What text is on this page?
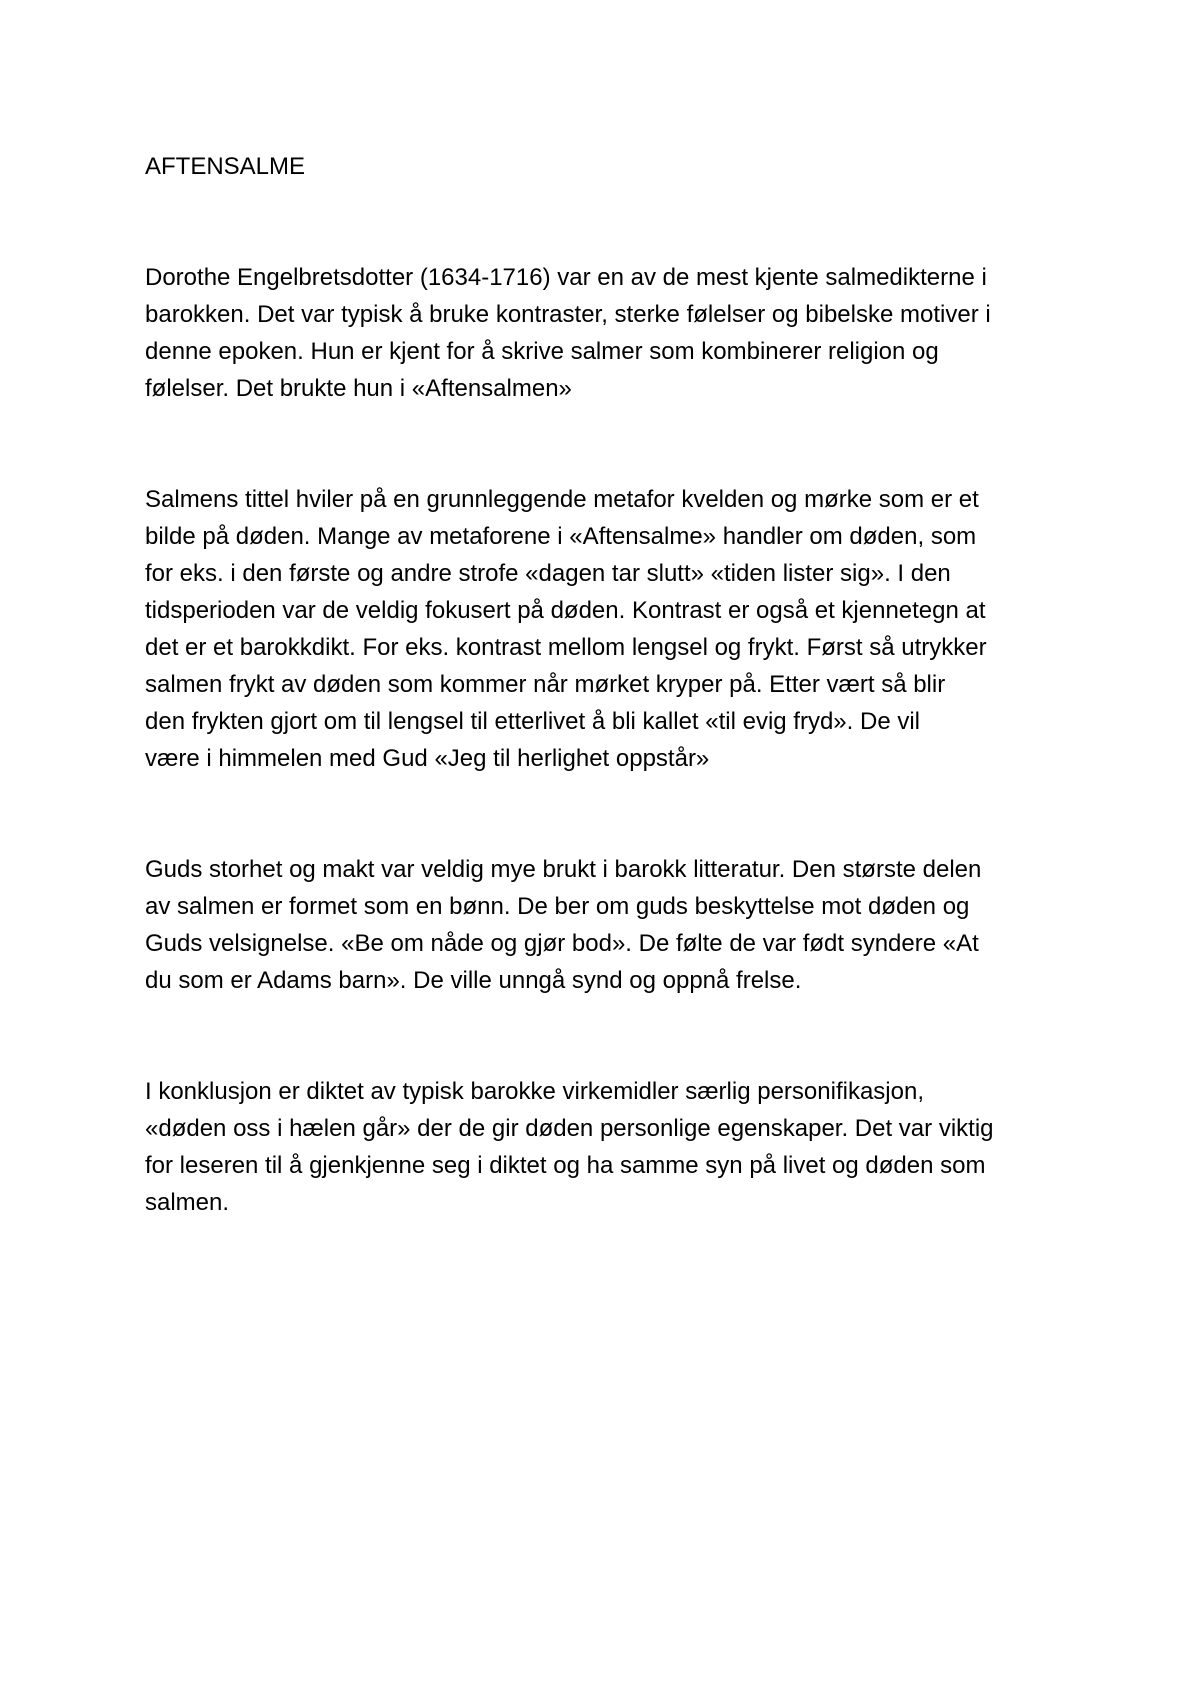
AFTENSALME

Dorothe Engelbretsdotter (1634-1716) var en av de mest kjente salmedikterne i
barokken. Det var typisk å bruke kontraster, sterke følelser og bibelske motiver i
denne epoken. Hun er kjent for å skrive salmer som kombinerer religion og
følelser. Det brukte hun i «Aftensalmen»

Salmens tittel hviler på en grunnleggende metafor kvelden og mørke som er et
bilde på døden. Mange av metaforene i «Aftensalme» handler om døden, som
for eks. i den første og andre strofe «dagen tar slutt» «tiden lister sig». I den
tidsperioden var de veldig fokusert på døden. Kontrast er også et kjennetegn at
det er et barokkdikt. For eks. kontrast mellom lengsel og frykt. Først så utrykker
salmen frykt av døden som kommer når mørket kryper på. Etter vært så blir
den frykten gjort om til lengsel til etterlivet å bli kallet «til evig fryd». De vil
være i himmelen med Gud «Jeg til herlighet oppstår»

Guds storhet og makt var veldig mye brukt i barokk litteratur. Den største delen
av salmen er formet som en bønn. De ber om guds beskyttelse mot døden og
Guds velsignelse. «Be om nåde og gjør bod». De følte de var født syndere «At
du som er Adams barn». De ville unngå synd og oppnå frelse.

I konklusjon er diktet av typisk barokke virkemidler særlig personifikasjon,
«døden oss i hælen går» der de gir døden personlige egenskaper. Det var viktig
for leseren til å gjenkjenne seg i diktet og ha samme syn på livet og døden som
salmen.
